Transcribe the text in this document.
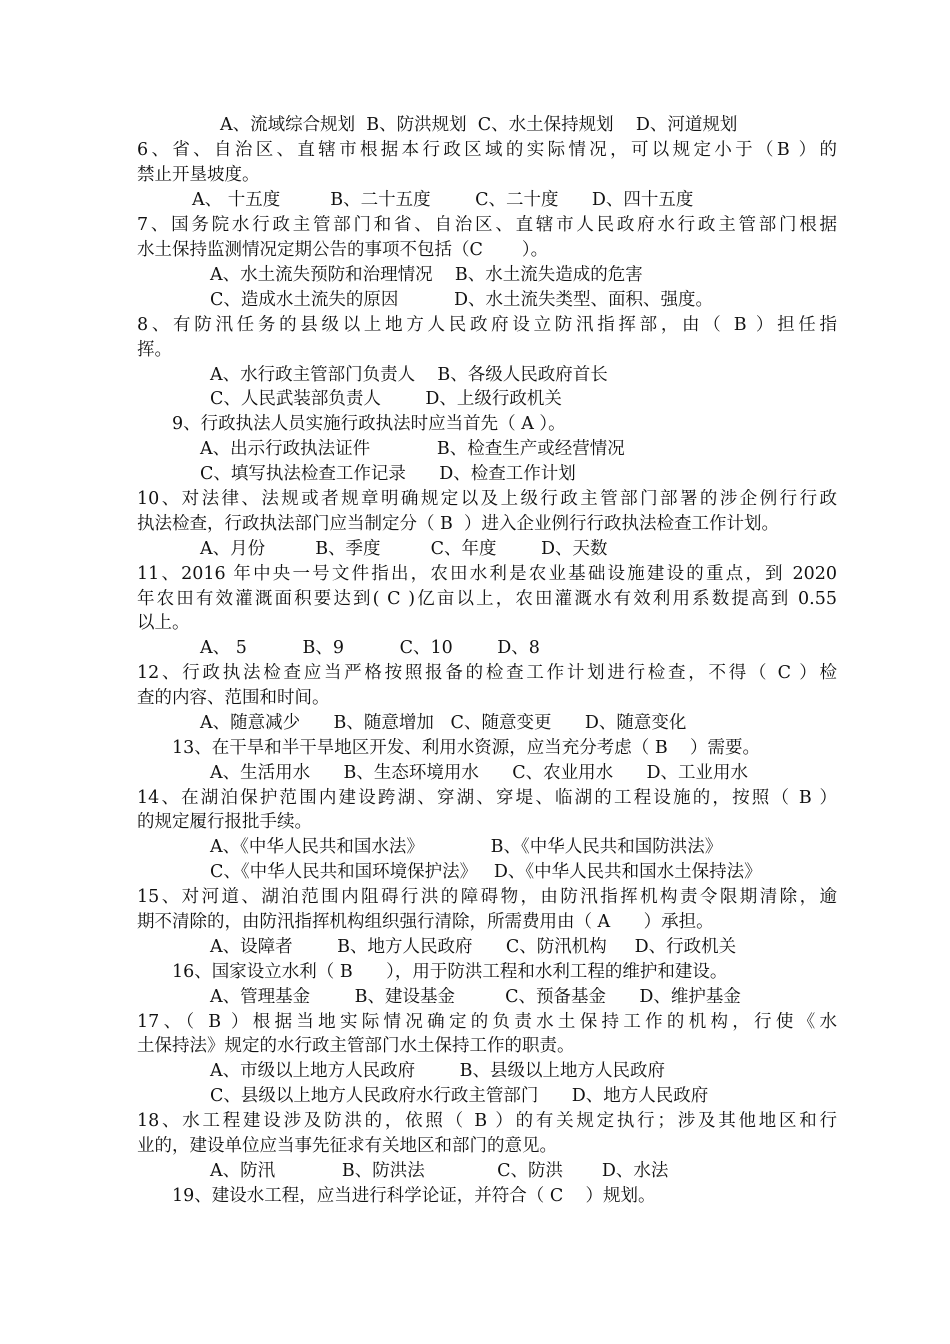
A、流域综合规划  B、防洪规划  C、水土保持规划    D、河道规划
6、省、自治区、直辖市根据本行政区域的实际情况，可以规定小于（B ）的
禁止开垦坡度。
A、 十五度         B、二十五度        C、二十度      D、四十五度
7、国务院水行政主管部门和省、自治区、直辖市人民政府水行政主管部门根据
水土保持监测情况定期公告的事项不包括（C       ）。
A、水土流失预防和治理情况    B、水土流失造成的危害
C、造成水土流失的原因          D、水土流失类型、面积、强度。
8、有防汛任务的县级以上地方人民政府设立防汛指挥部，由（ B ）担任指
挥。
A、水行政主管部门负责人    B、各级人民政府首长
C、人民武装部负责人        D、上级行政机关
9、行政执法人员实施行政执法时应当首先（ A ）。
A、出示行政执法证件            B、检查生产或经营情况
C、填写执法检查工作记录      D、检查工作计划
10、对法律、法规或者规章明确规定以及上级行政主管部门部署的涉企例行行政
执法检查，行政执法部门应当制定分（ B  ）进入企业例行行政执法检查工作计划。
A、月份         B、季度         C、年度        D、天数
11、2016 年中央一号文件指出，农田水利是农业基础设施建设的重点，到 2020
年农田有效灌溉面积要达到( C )亿亩以上，农田灌溉水有效利用系数提高到 0.55
以上。
A、 5          B、9          C、10        D、8
12、行政执法检查应当严格按照报备的检查工作计划进行检查，不得（ C ）检
查的内容、范围和时间。
A、随意减少      B、随意增加   C、随意变更      D、随意变化
13、在干旱和半干旱地区开发、利用水资源，应当充分考虑（ B    ）需要。
A、生活用水      B、生态环境用水      C、农业用水      D、工业用水
14、在湖泊保护范围内建设跨湖、穿湖、穿堤、临湖的工程设施的，按照（ B ）
的规定履行报批手续。
A、《中华人民共和国水法》            B、《中华人民共和国防洪法》
C、《中华人民共和国环境保护法》   D、《中华人民共和国水土保持法》
15、对河道、湖泊范围内阻碍行洪的障碍物，由防汛指挥机构责令限期清除，逾
期不清除的，由防汛指挥机构组织强行清除，所需费用由（ A      ）承担。
A、设障者        B、地方人民政府      C、防汛机构     D、行政机关
16、国家设立水利（ B      ），用于防洪工程和水利工程的维护和建设。
A、管理基金        B、建设基金         C、预备基金      D、维护基金
17、（ B ）根据当地实际情况确定的负责水土保持工作的机构，行使《水
土保持法》规定的水行政主管部门水土保持工作的职责。
A、市级以上地方人民政府        B、县级以上地方人民政府
C、县级以上地方人民政府水行政主管部门      D、地方人民政府
18、水工程建设涉及防洪的，依照（ B ）的有关规定执行；涉及其他地区和行
业的，建设单位应当事先征求有关地区和部门的意见。
A、防汛            B、防洪法             C、防洪       D、水法
19、建设水工程，应当进行科学论证，并符合（ C    ）规划。
